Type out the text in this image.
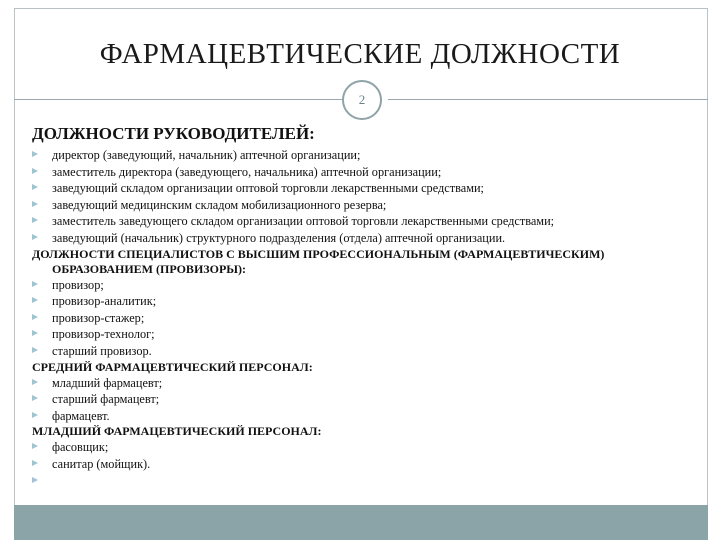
ФАРМАЦЕВТИЧЕСКИЕ ДОЛЖНОСТИ
2
ДОЛЖНОСТИ РУКОВОДИТЕЛЕЙ:
директор (заведующий, начальник) аптечной организации;
заместитель директора (заведующего, начальника) аптечной организации;
заведующий складом организации оптовой торговли лекарственными средствами;
заведующий медицинским складом мобилизационного резерва;
заместитель заведующего складом организации оптовой торговли лекарственными средствами;
заведующий (начальник) структурного подразделения (отдела) аптечной организации.
ДОЛЖНОСТИ СПЕЦИАЛИСТОВ С ВЫСШИМ ПРОФЕССИОНАЛЬНЫМ (ФАРМАЦЕВТИЧЕСКИМ)
ОБРАЗОВАНИЕМ (ПРОВИЗОРЫ):
провизор;
провизор-аналитик;
провизор-стажер;
провизор-технолог;
старший провизор.
СРЕДНИЙ ФАРМАЦЕВТИЧЕСКИЙ ПЕРСОНАЛ:
младший фармацевт;
старший фармацевт;
фармацевт.
МЛАДШИЙ ФАРМАЦЕВТИЧЕСКИЙ ПЕРСОНАЛ:
фасовщик;
санитар (мойщик).
